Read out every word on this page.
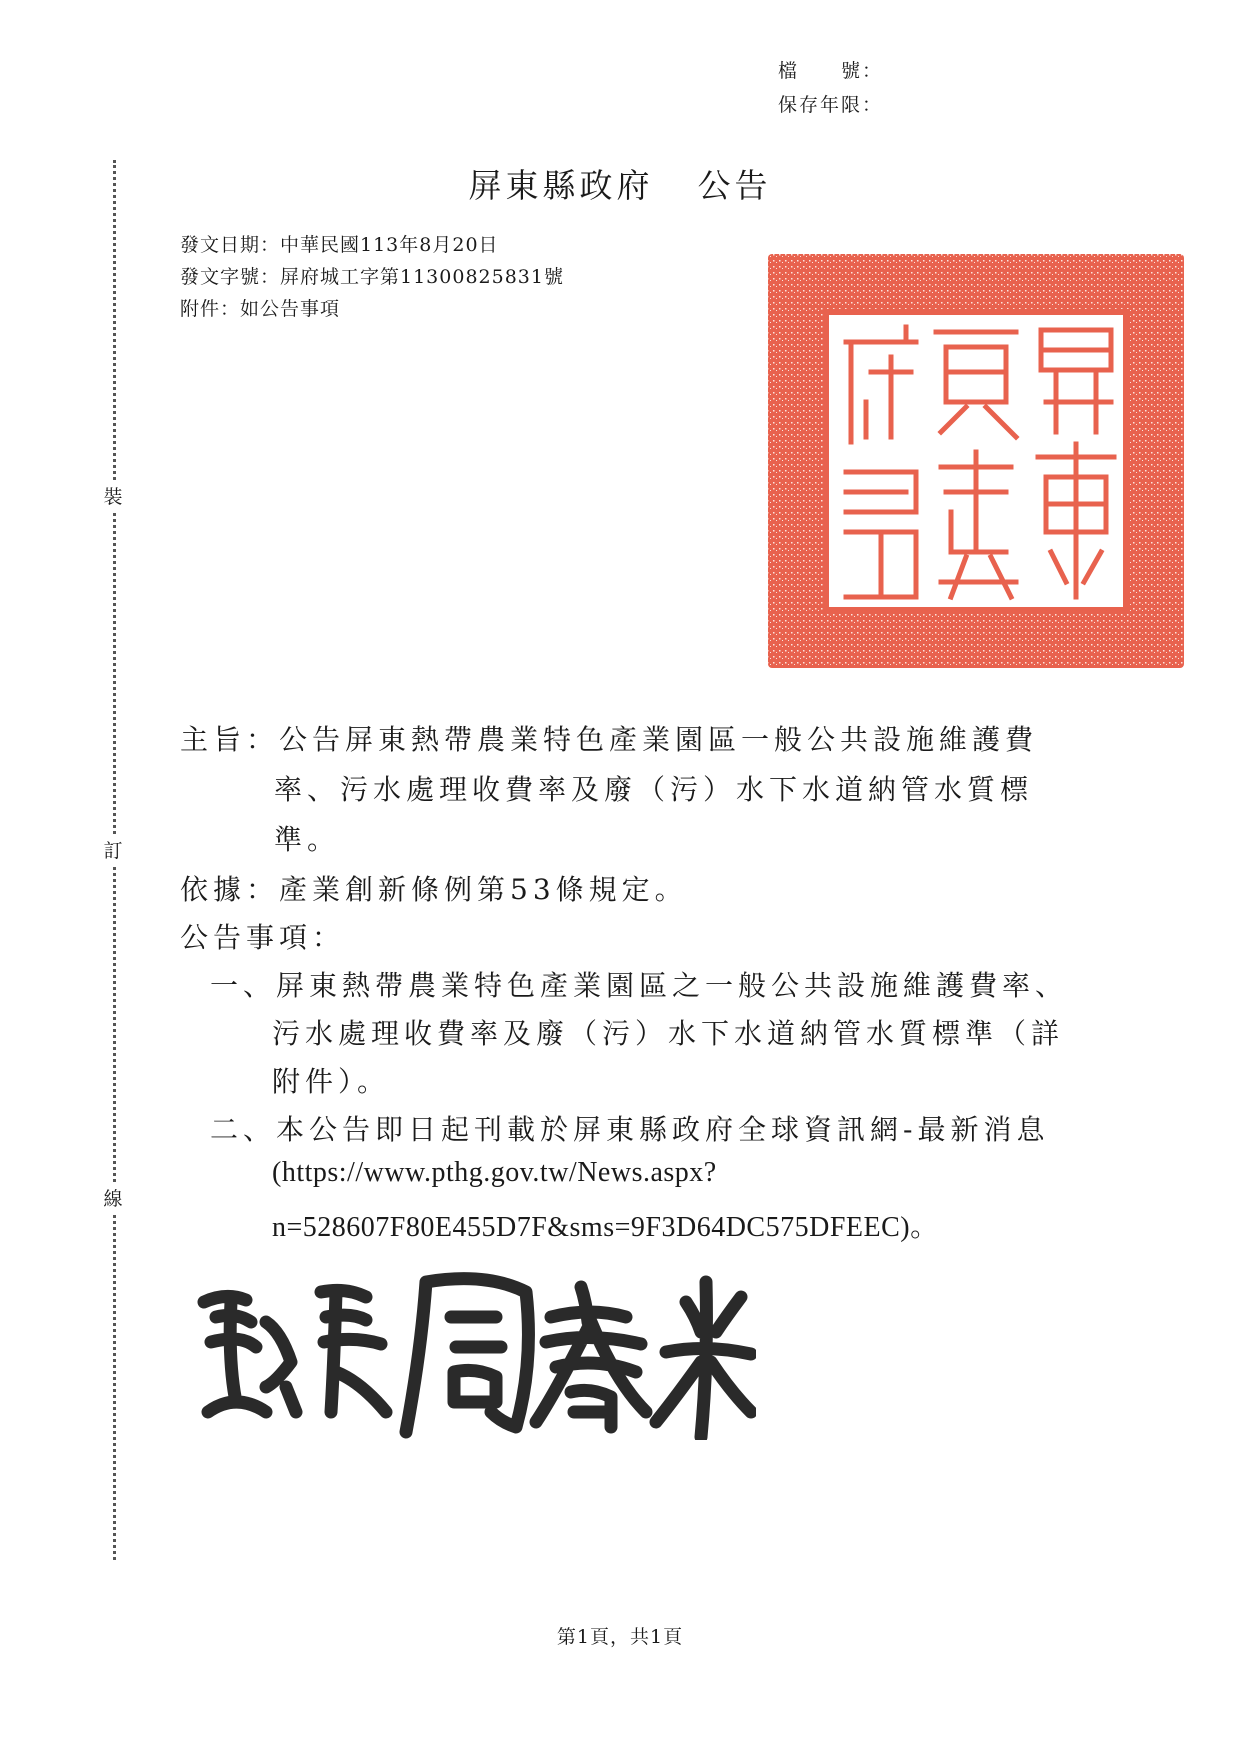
檔　　號：
保存年限：
裝
訂
線
屏東縣政府 公告
發文日期：中華民國113年8月20日
發文字號：屏府城工字第11300825831號
附件：如公告事項
主旨：公告屏東熱帶農業特色產業園區一般公共設施維護費
率、污水處理收費率及廢（污）水下水道納管水質標
準。
依據：產業創新條例第53條規定。
公告事項：
一、屏東熱帶農業特色產業園區之一般公共設施維護費率、
污水處理收費率及廢（污）水下水道納管水質標準（詳
附件）。
二、本公告即日起刊載於屏東縣政府全球資訊網-最新消息
(https://www.pthg.gov.tw/News.aspx?
n=528607F80E455D7F&sms=9F3D64DC575DFEEC)。
第1頁，共1頁
